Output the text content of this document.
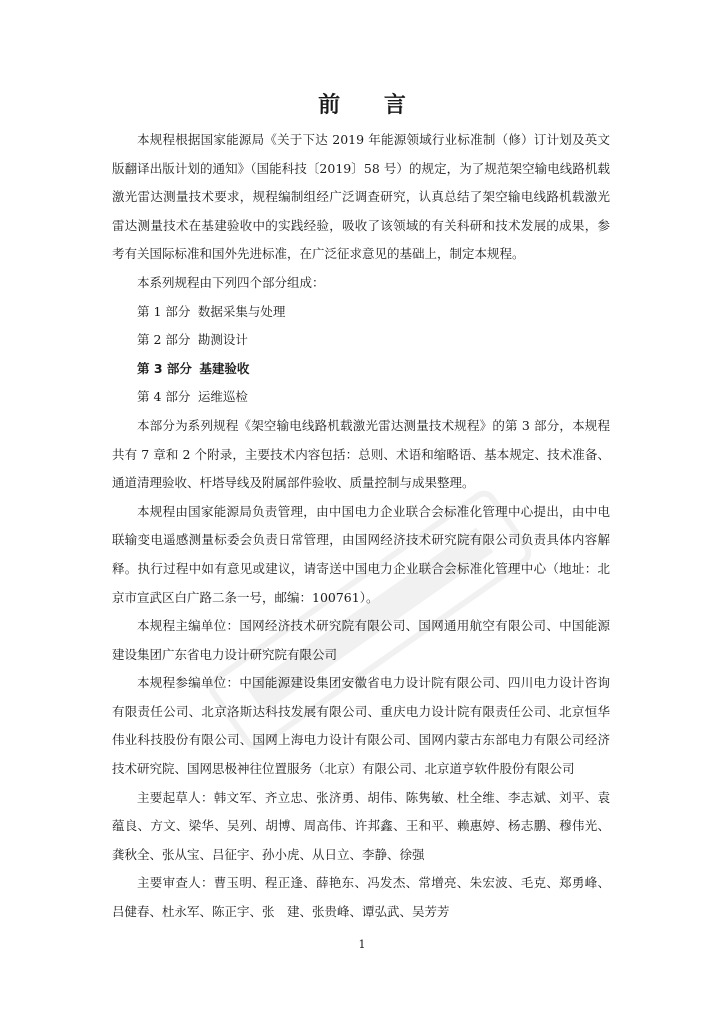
前 言

本规程根据国家能源局《关于下达 2019 年能源领域行业标准制（修）订计划及英文版翻译出版计划的通知》（国能科技〔2019〕58 号）的规定，为了规范架空输电线路机载激光雷达测量技术要求，规程编制组经广泛调查研究，认真总结了架空输电线路机载激光雷达测量技术在基建验收中的实践经验，吸收了该领域的有关科研和技术发展的成果，参考有关国际标准和国外先进标准，在广泛征求意见的基础上，制定本规程。

本系列规程由下列四个部分组成：

第 1 部分 数据采集与处理

第 2 部分 勘测设计

第 3 部分 基建验收

第 4 部分 运维巡检

本部分为系列规程《架空输电线路机载激光雷达测量技术规程》的第 3 部分，本规程共有 7 章和 2 个附录，主要技术内容包括：总则、术语和缩略语、基本规定、技术准备、通道清理验收、杆塔导线及附属部件验收、质量控制与成果整理。

本规程由国家能源局负责管理，由中国电力企业联合会标准化管理中心提出，由中电联输变电遥感测量标委会负责日常管理，由国网经济技术研究院有限公司负责具体内容解释。执行过程中如有意见或建议，请寄送中国电力企业联合会标准化管理中心（地址：北京市宣武区白广路二条一号，邮编：100761）。

本规程主编单位：国网经济技术研究院有限公司、国网通用航空有限公司、中国能源建设集团广东省电力设计研究院有限公司

本规程参编单位：中国能源建设集团安徽省电力设计院有限公司、四川电力设计咨询有限责任公司、北京洛斯达科技发展有限公司、重庆电力设计院有限责任公司、北京恒华伟业科技股份有限公司、国网上海电力设计有限公司、国网内蒙古东部电力有限公司经济技术研究院、国网思极神往位置服务（北京）有限公司、北京道亨软件股份有限公司

主要起草人：韩文军、齐立忠、张济勇、胡伟、陈隽敏、杜全维、李志斌、刘平、袁蕴良、方文、梁华、吴列、胡博、周高伟、许邦鑫、王和平、赖惠婷、杨志鹏、穆伟光、龚秋全、张从宝、吕征宇、孙小虎、从日立、李静、徐强

主要审查人：曹玉明、程正逢、薛艳东、冯发杰、常增亮、朱宏波、毛克、郑勇峰、吕健春、杜永军、陈正宇、张　建、张贵峰、谭弘武、吴芳芳

1
